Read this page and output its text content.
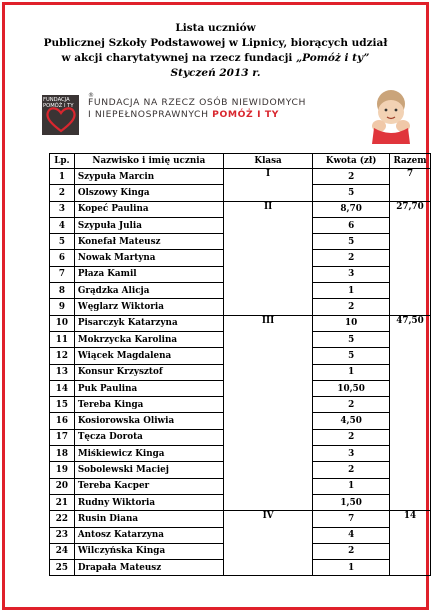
Lista uczniów
Publicznej Szkoły Podstawowej w Lipnicy, biorących udział
w akcji charytatywnej na rzecz fundacji „Pomóż i ty”
Styczeń 2013 r.
FUNDACJA POMÓŻ I TY
®
FUNDACJA NA RZECZ OSÓB NIEWIDOMYCH
I NIEPEŁNOSPRAWNYCH POMÓŻ I TY
Lp.	Nazwisko i imię ucznia	Klasa	Kwota (zł)	Razem
1	Szypuła Marcin	I	2	7
2	Olszowy Kinga		5	
3	Kopeć Paulina	II	8,70	27,70
4	Szypuła Julia		6	
5	Konefał Mateusz		5	
6	Nowak Martyna		2	
7	Płaza Kamil		3	
8	Grądzka Alicja		1	
9	Węglarz Wiktoria		2	
10	Pisarczyk Katarzyna	III	10	47,50
11	Mokrzycka Karolina		5	
12	Wiącek Magdalena		5	
13	Konsur Krzysztof		1	
14	Puk Paulina		10,50	
15	Tereba Kinga		2	
16	Kosiorowska Oliwia		4,50	
17	Tęcza Dorota		2	
18	Miśkiewicz Kinga		3	
19	Sobolewski Maciej		2	
20	Tereba Kacper		1	
21	Rudny Wiktoria		1,50	
22	Rusin Diana	IV	7	14
23	Antosz Katarzyna		4	
24	Wilczyńska Kinga		2	
25	Drapała Mateusz		1	
